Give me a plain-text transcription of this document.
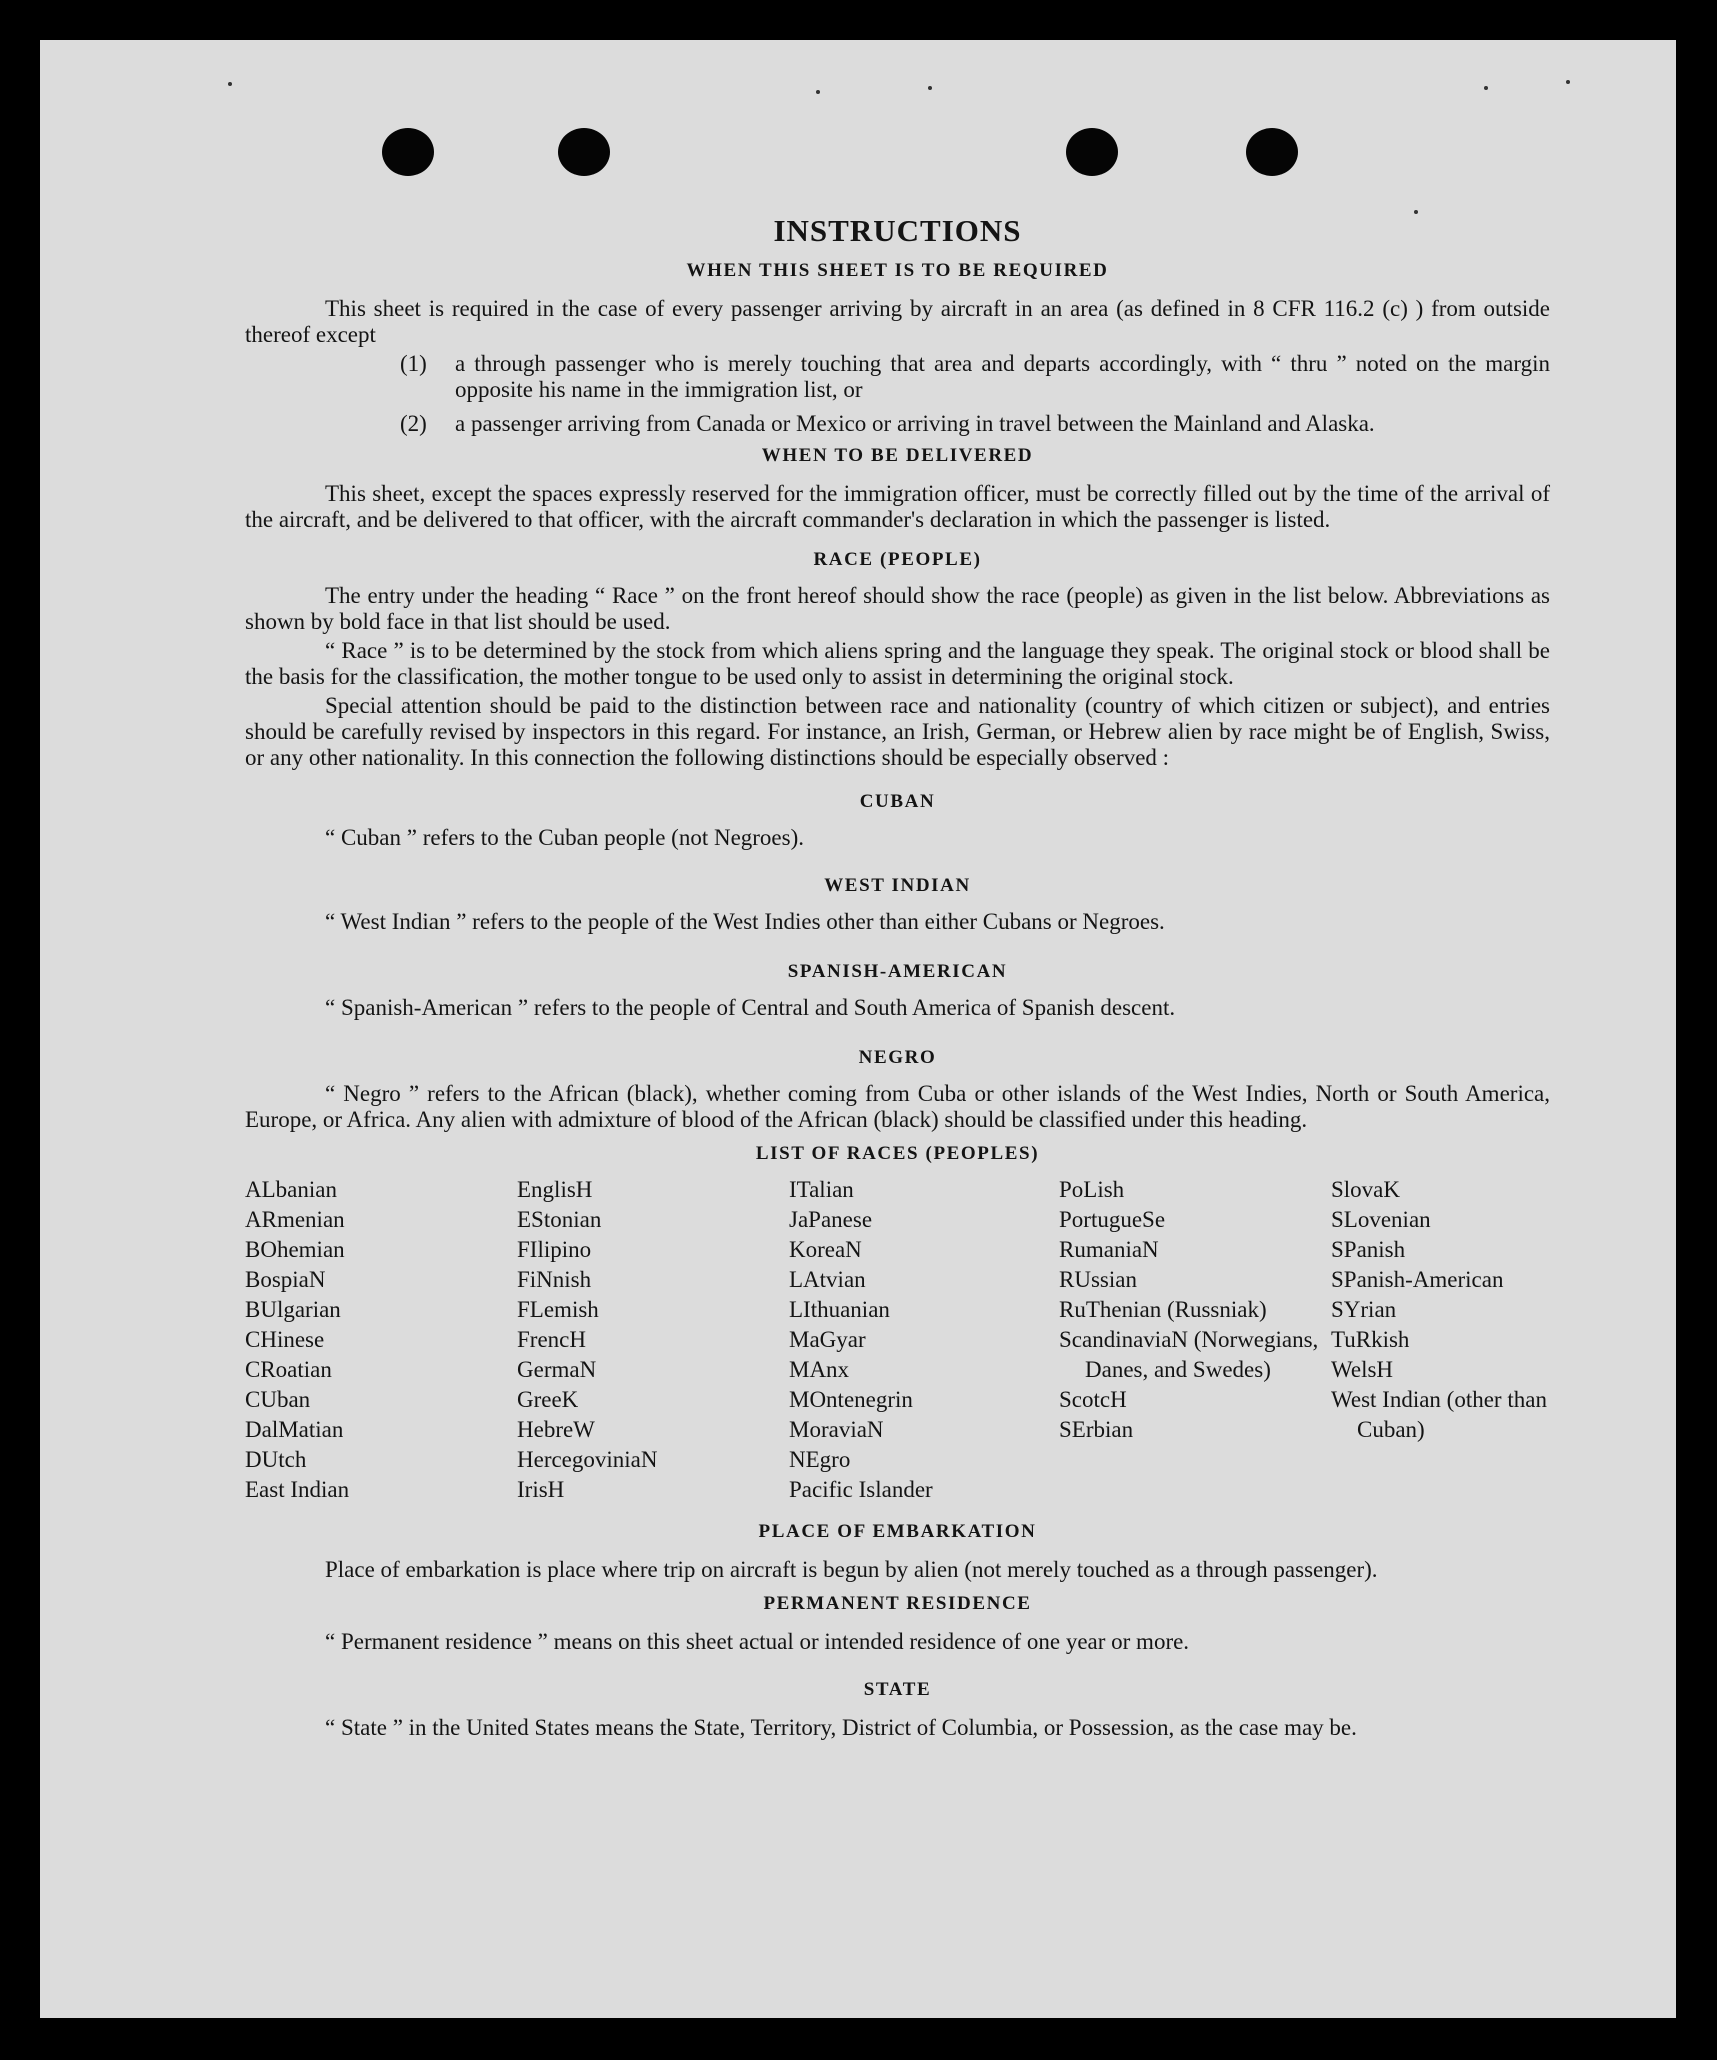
INSTRUCTIONS
WHEN THIS SHEET IS TO BE REQUIRED

This sheet is required in the case of every passenger arriving by aircraft in an area (as defined in 8 CFR 116.2 (c) ) from outside thereof except

(1)	a through passenger who is merely touching that area and departs accordingly, with “ thru ” noted on the margin opposite his name in the immigration list, or
(2)	a passenger arriving from Canada or Mexico or arriving in travel between the Mainland and Alaska.
WHEN TO BE DELIVERED

This sheet, except the spaces expressly reserved for the immigration officer, must be correctly filled out by the time of the arrival of the aircraft, and be delivered to that officer, with the aircraft commander's declaration in which the passenger is listed.

RACE (PEOPLE)

The entry under the heading “ Race ” on the front hereof should show the race (people) as given in the list below. Abbreviations as shown by bold face in that list should be used.

“ Race ” is to be determined by the stock from which aliens spring and the language they speak. The original stock or blood shall be the basis for the classification, the mother tongue to be used only to assist in determining the original stock.

Special attention should be paid to the distinction between race and nationality (country of which citizen or subject), and entries should be carefully revised by inspectors in this regard. For instance, an Irish, German, or Hebrew alien by race might be of English, Swiss, or any other nationality. In this connection the following distinctions should be especially observed :

CUBAN

“ Cuban ” refers to the Cuban people (not Negroes).

WEST INDIAN

“ West Indian ” refers to the people of the West Indies other than either Cubans or Negroes.

SPANISH-AMERICAN

“ Spanish-American ” refers to the people of Central and South America of Spanish descent.

NEGRO

“ Negro ” refers to the African (black), whether coming from Cuba or other islands of the West Indies, North or South America, Europe, or Africa. Any alien with admixture of blood of the African (black) should be classified under this heading.

LIST OF RACES (PEOPLES)
ALbanian
ARmenian
BOhemian
BospiaN
BUlgarian
CHinese
CRoatian
CUban
DalMatian
DUtch
East Indian
EnglisH
EStonian
FIlipino
FiNnish
FLemish
FrencH
GermaN
GreeK
HebreW
HercegoviniaN
IrisH
ITalian
JaPanese
KoreaN
LAtvian
LIthuanian
MaGyar
MAnx
MOntenegrin
MoraviaN
NEgro
Pacific Islander
PoLish
PortugueSe
RumaniaN
RUssian
RuThenian (Russniak)
ScandinaviaN (Norwegians, Danes, and Swedes)
ScotcH
SErbian
SlovaK
SLovenian
SPanish
SPanish-American
SYrian
TuRkish
WelsH
West Indian (other than Cuban)
PLACE OF EMBARKATION

Place of embarkation is place where trip on aircraft is begun by alien (not merely touched as a through passenger).

PERMANENT RESIDENCE

“ Permanent residence ” means on this sheet actual or intended residence of one year or more.

STATE

“ State ” in the United States means the State, Territory, District of Columbia, or Possession, as the case may be.
